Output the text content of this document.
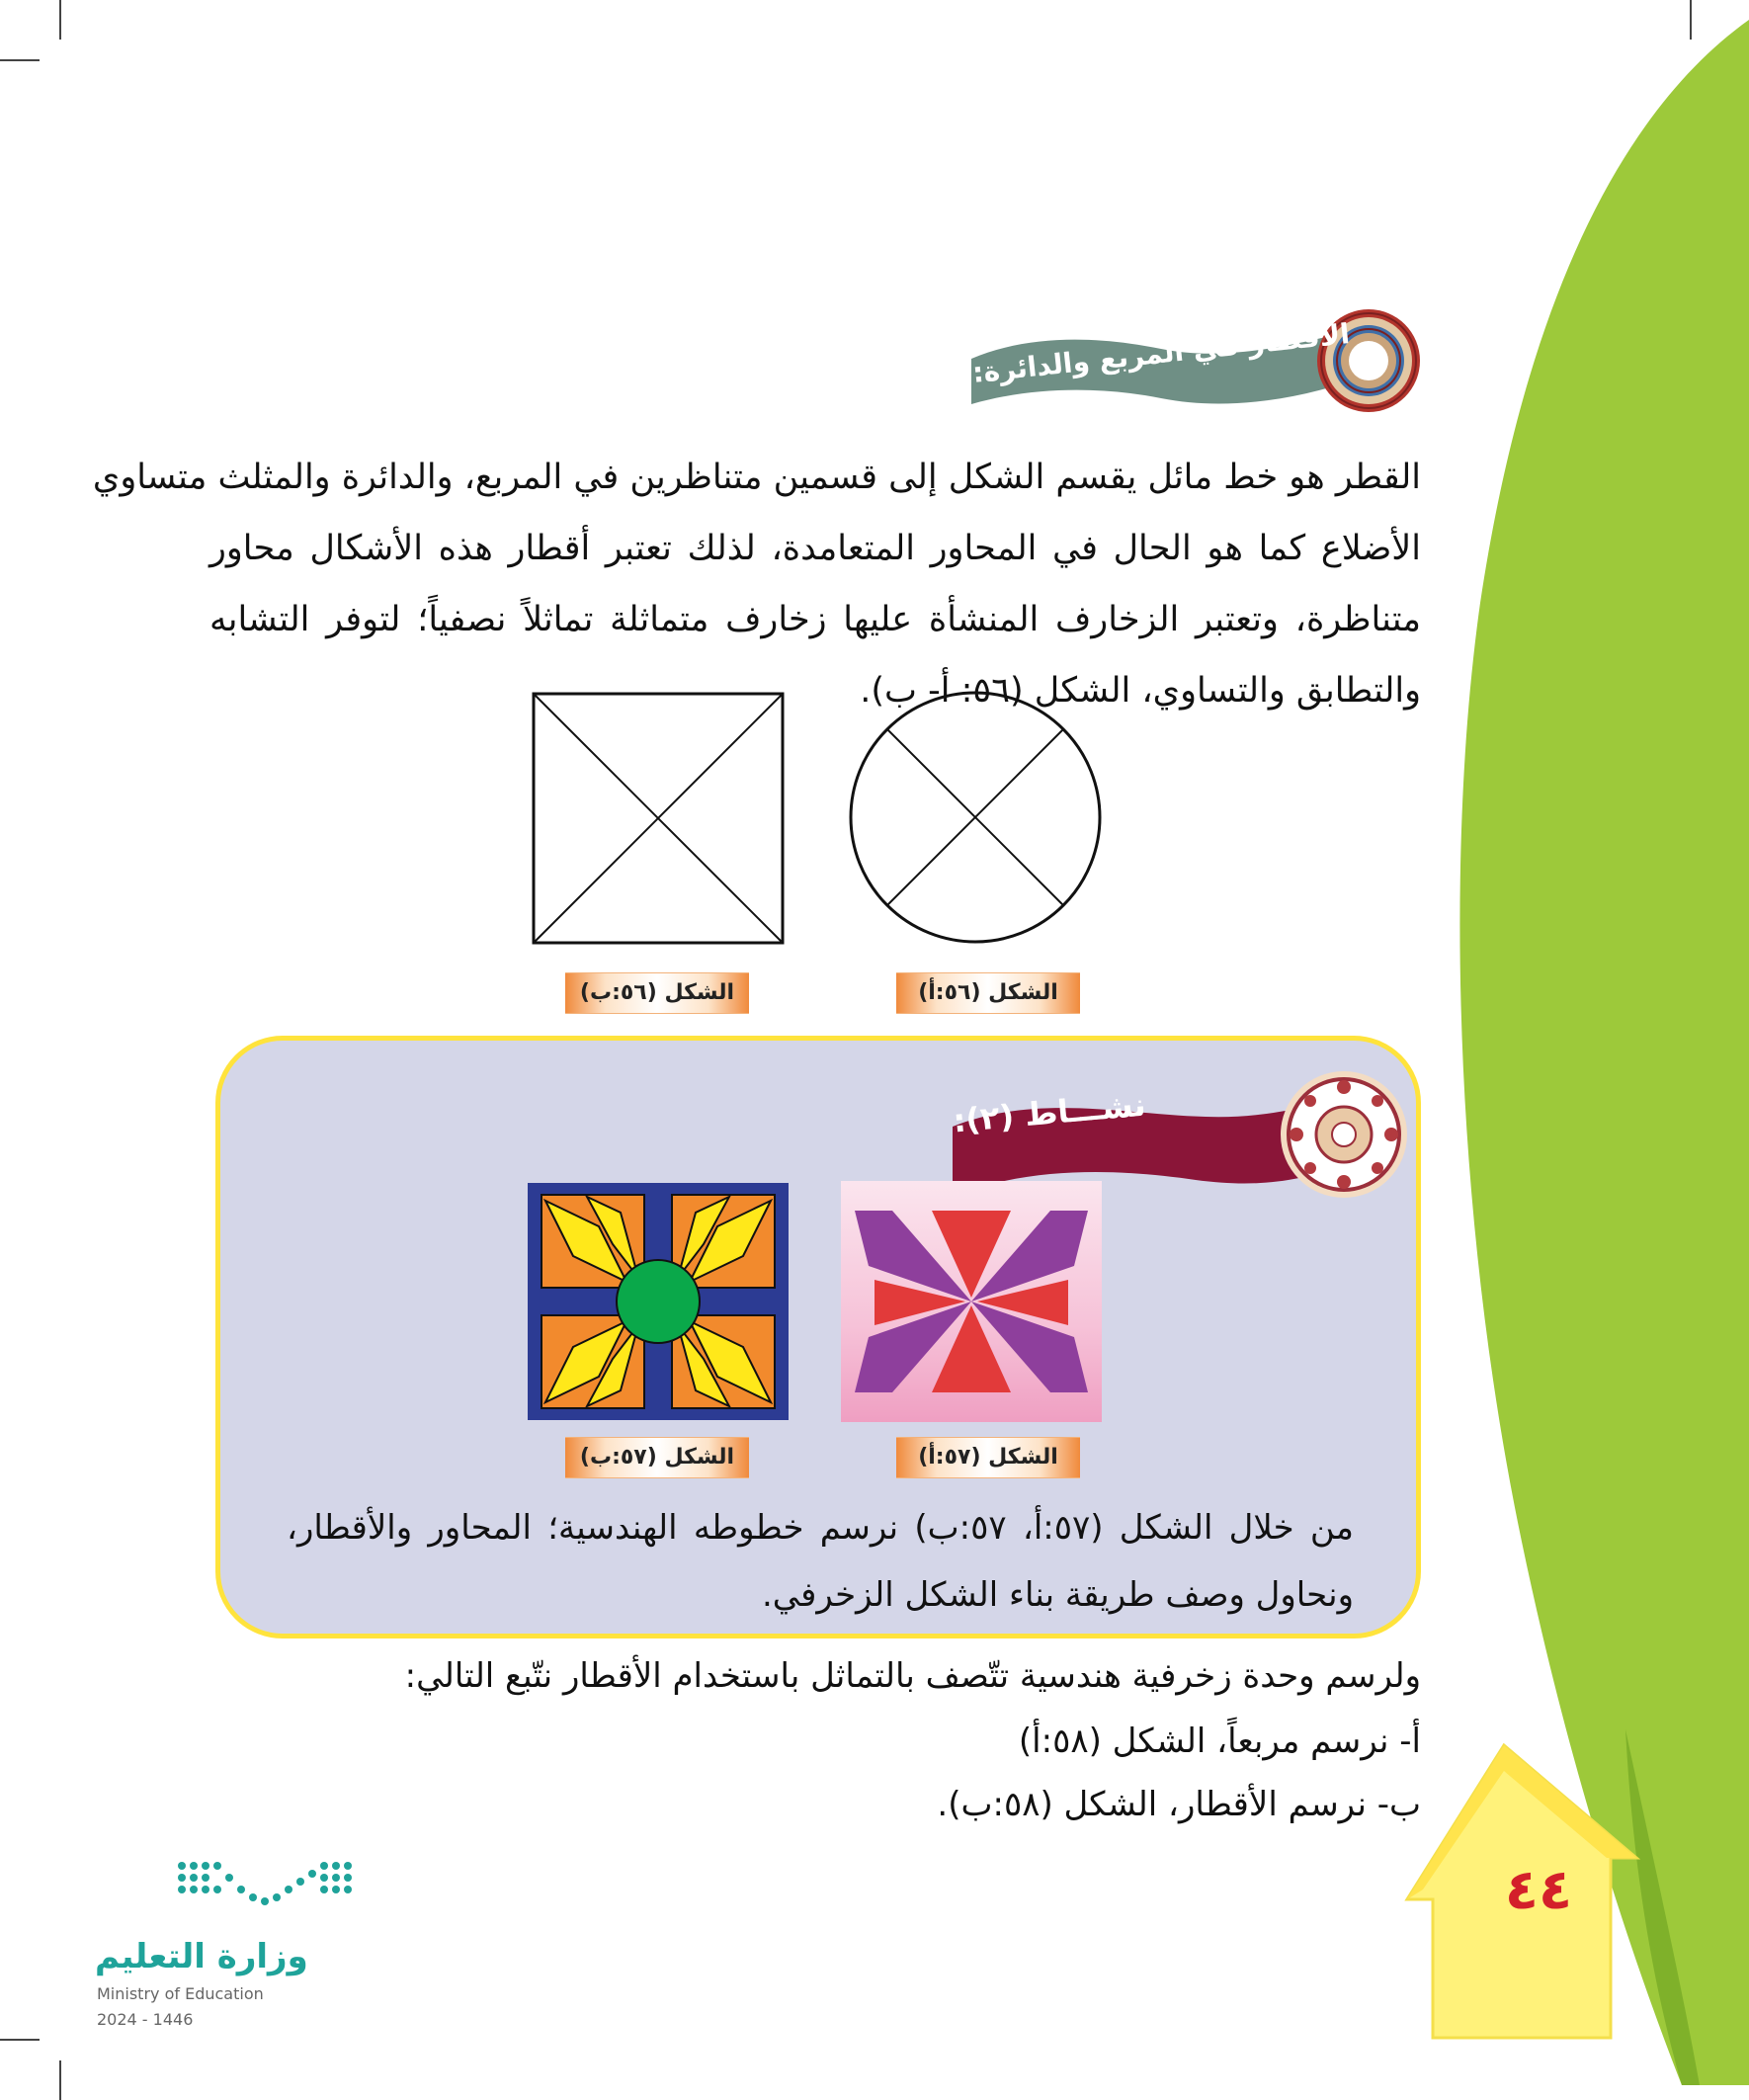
الأقطار في المربع والدائرة:
القطر هو خط مائل يقسم الشكل إلى قسمين متناظرين في المربع، والدائرة والمثلث متساوي
الأضلاع كما هو الحال في المحاور المتعامدة، لذلك تعتبر أقطار هذه الأشكال محاور
متناظرة، وتعتبر الزخارف المنشأة عليها زخارف متماثلة تماثلاً نصفياً؛ لتوفر التشابه
والتطابق والتساوي، الشكل (٥٦: أ- ب).
الشكل (٥٦:ب)	الشكل (٥٦:أ)
نشـــاط (٢):
الشكل (٥٧:ب)	الشكل (٥٧:أ)
من خلال الشكل (٥٧:أ، ٥٧:ب) نرسم خطوطه الهندسية؛ المحاور والأقطار،
ونحاول وصف طريقة بناء الشكل الزخرفي.
ولرسم وحدة زخرفية هندسية تتّصف بالتماثل باستخدام الأقطار نتّبع التالي:
أ- نرسم مربعاً، الشكل (٥٨:أ)
ب- نرسم الأقطار، الشكل (٥٨:ب).
٤٤
وزارة التعليم
Ministry of Education
2024 - 1446
